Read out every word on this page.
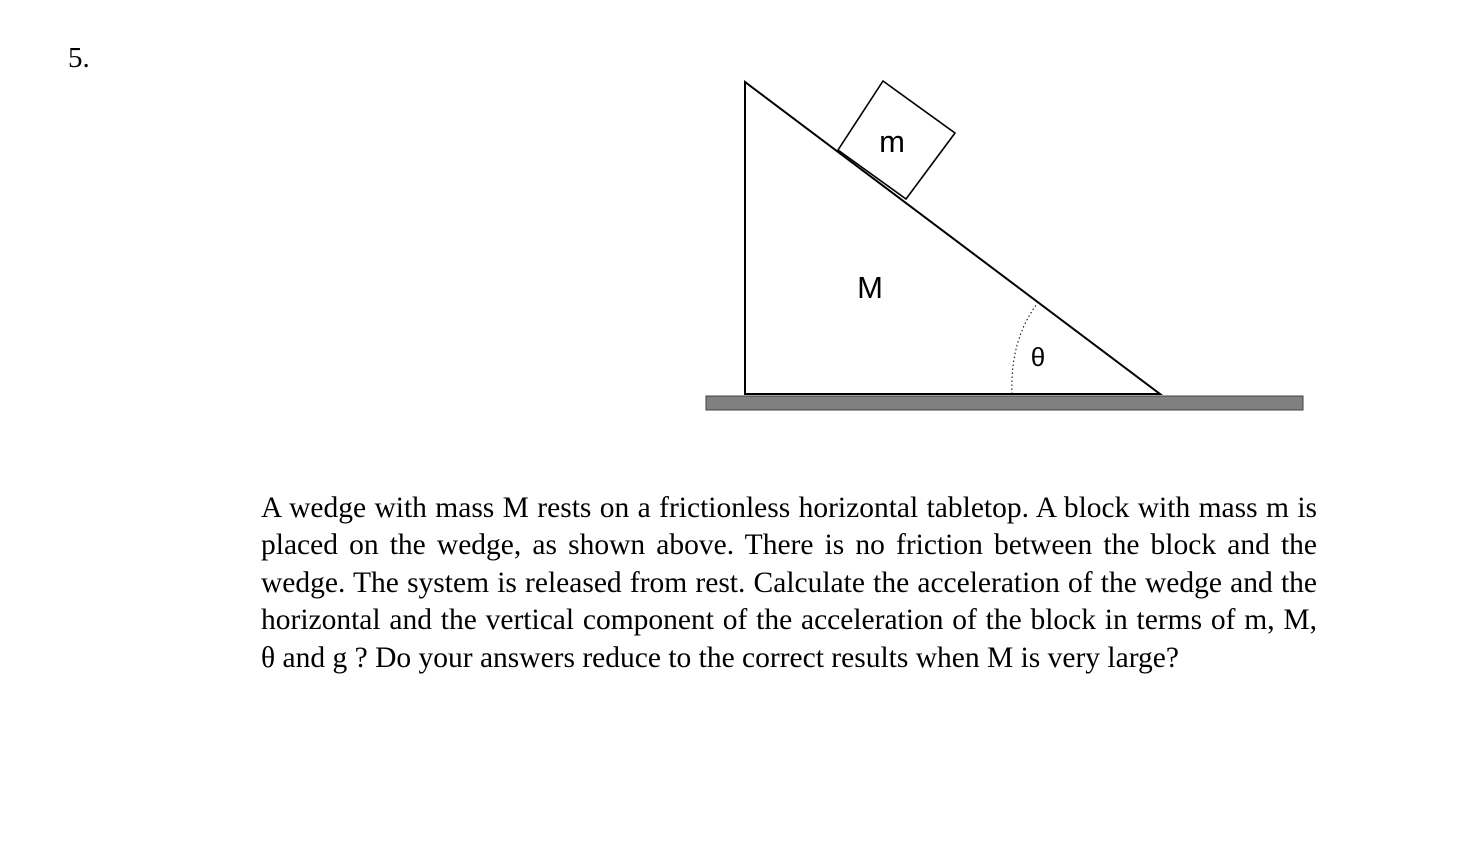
5.
m
M
θ

A wedge with mass M rests on a frictionless horizontal tabletop. A block with mass m is placed on the wedge, as shown above. There is no friction between the block and the wedge. The system is released from rest. Calculate the acceleration of the wedge and the horizontal and the vertical component of the acceleration of the block in terms of m, M, θ and g ? Do your answers reduce to the correct results when M is very large?
